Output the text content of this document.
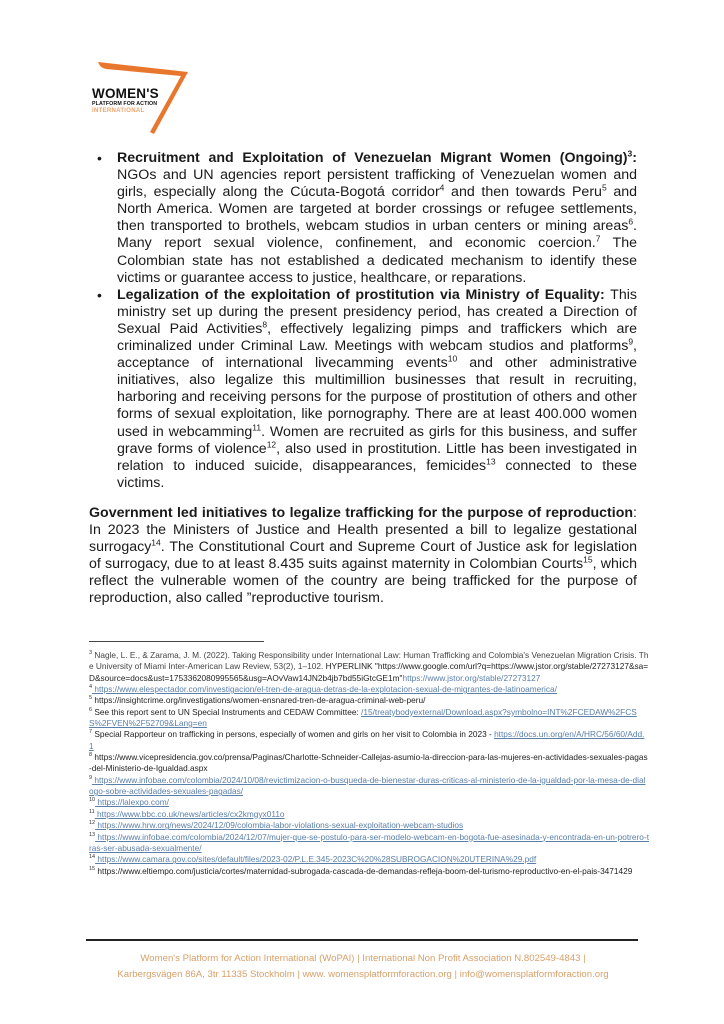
WOMEN'S
PLATFORM FOR ACTION
INTERNATIONAL
• Recruitment and Exploitation of Venezuelan Migrant Women (Ongoing)$^3$: NGOs and UN agencies report persistent trafficking of Venezuelan women and girls, especially along the Cúcuta-Bogotá corridor$^4$ and then towards Peru$^5$ and North America. Women are targeted at border crossings or refugee settlements, then transported to brothels, webcam studios in urban centers or mining areas$^6$. Many report sexual violence, confinement, and economic coercion.$^7$ The Colombian state has not established a dedicated mechanism to identify these victims or guarantee access to justice, healthcare, or reparations.
• Legalization of the exploitation of prostitution via Ministry of Equality: This ministry set up during the present presidency period, has created a Direction of Sexual Paid Activities$^8$, effectively legalizing pimps and traffickers which are criminalized under Criminal Law. Meetings with webcam studios and platforms$^9$, acceptance of international livecamming events$^{10}$ and other administrative initiatives, also legalize this multimillion businesses that result in recruiting, harboring and receiving persons for the purpose of prostitution of others and other forms of sexual exploitation, like pornography. There are at least 400.000 women used in webcamming$^{11}$. Women are recruited as girls for this business, and suffer grave forms of violence$^{12}$, also used in prostitution. Little has been investigated in relation to induced suicide, disappearances, femicides$^{13}$ connected to these victims.

Government led initiatives to legalize trafficking for the purpose of reproduction: In 2023 the Ministers of Justice and Health presented a bill to legalize gestational surrogacy$^{14}$. The Constitutional Court and Supreme Court of Justice ask for legislation of surrogacy, due to at least 8.435 suits against maternity in Colombian Courts$^{15}$, which reflect the vulnerable women of the country are being trafficked for the purpose of reproduction, also called ”reproductive tourism.

$^3$ Nagle, L. E., & Zarama, J. M. (2022). Taking Responsibility under International Law: Human Trafficking and Colombia's Venezuelan Migration Crisis. The University of Miami Inter-American Law Review, 53(2), 1–102. HYPERLINK "https://www.google.com/url?q=https://www.jstor.org/stable/27273127&sa=D&source=docs&ust=1753362080995565&usg=AOvVaw14JN2b4jb7bd55iGtcGE1m"https://www.jstor.org/stable/27273127
$^4$ https://www.elespectador.com/investigacion/el-tren-de-aragua-detras-de-la-explotacion-sexual-de-migrantes-de-latinoamerica/
$^5$ https://insightcrime.org/investigations/women-ensnared-tren-de-aragua-criminal-web-peru/
$^6$ See this report sent to UN Special Instruments and CEDAW Committee: /15/treatybodyexternal/Download.aspx?symbolno=INT%2FCEDAW%2FCSS%2FVEN%2F52709&Lang=en
$^7$ Special Rapporteur on trafficking in persons, especially of women and girls on her visit to Colombia in 2023 - https://docs.un.org/en/A/HRC/56/60/Add.1
$^8$ https://www.vicepresidencia.gov.co/prensa/Paginas/Charlotte-Schneider-Callejas-asumio-la-direccion-para-las-mujeres-en-actividades-sexuales-pagas-del-Ministerio-de-Igualdad.aspx
$^9$ https://www.infobae.com/colombia/2024/10/08/revictimizacion-o-busqueda-de-bienestar-duras-criticas-al-ministerio-de-la-igualdad-por-la-mesa-de-dialogo-sobre-actividades-sexuales-pagadas/
$^{10}$ https://lalexpo.com/
$^{11}$ https://www.bbc.co.uk/news/articles/cx2kmgyx011o
$^{12}$ https://www.hrw.org/news/2024/12/09/colombia-labor-violations-sexual-exploitation-webcam-studios
$^{13}$ https://www.infobae.com/colombia/2024/12/07/mujer-que-se-postulo-para-ser-modelo-webcam-en-bogota-fue-asesinada-y-encontrada-en-un-potrero-tras-ser-abusada-sexualmente/
$^{14}$ https://www.camara.gov.co/sites/default/files/2023-02/P.L.E.345-2023C%20%28SUBROGACION%20UTERINA%29.pdf
$^{15}$ https://www.eltiempo.com/justicia/cortes/maternidad-subrogada-cascada-de-demandas-refleja-boom-del-turismo-reproductivo-en-el-pais-3471429
Women's Platform for Action International (WoPAI) | International Non Profit Association N.802549-4843 |
Karbergsvägen 86A, 3tr 11335 Stockholm | www. womensplatformforaction.org | info@womensplatformforaction.org
